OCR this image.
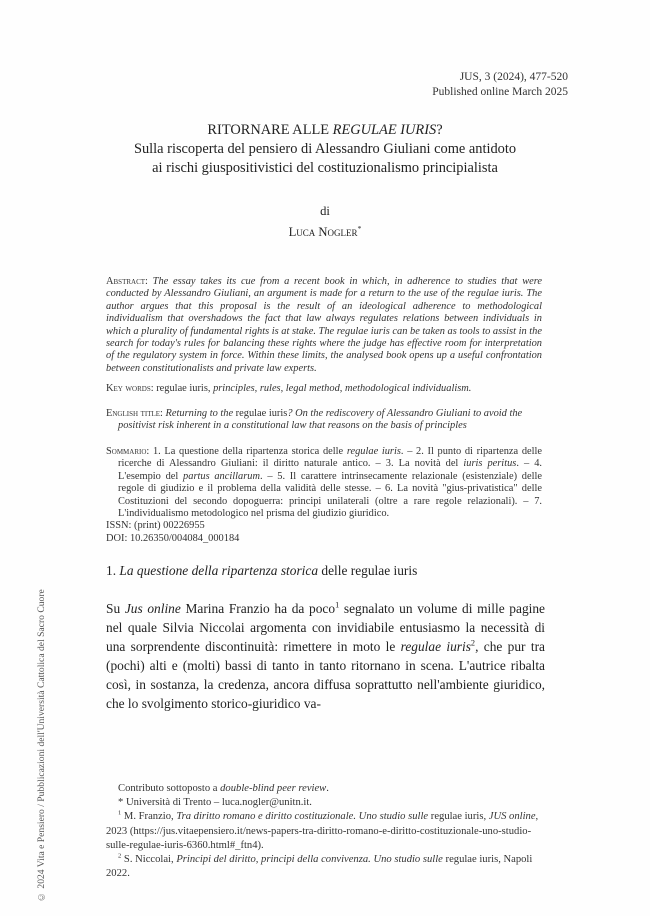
JUS, 3 (2024), 477-520
Published online March 2025
RITORNARE ALLE REGULAE IURIS?
Sulla riscoperta del pensiero di Alessandro Giuliani come antidoto
ai rischi giuspositivistici del costituzionalismo principialista
di
Luca Nogler*
Abstract: The essay takes its cue from a recent book in which, in adherence to studies that were conducted by Alessandro Giuliani, an argument is made for a return to the use of the regulae iuris. The author argues that this proposal is the result of an ideological adherence to methodological individualism that overshadows the fact that law always regulates relations between individuals in which a plurality of fundamental rights is at stake. The regulae iuris can be taken as tools to assist in the search for today's rules for balancing these rights where the judge has effective room for interpretation of the regulatory system in force. Within these limits, the analysed book opens up a useful confrontation between constitutionalists and private law experts.
Key words: regulae iuris, principles, rules, legal method, methodological individualism.
English title: Returning to the regulae iuris? On the rediscovery of Alessandro Giuliani to avoid the positivist risk inherent in a constitutional law that reasons on the basis of principles
Sommario: 1. La questione della ripartenza storica delle regulae iuris. – 2. Il punto di ripartenza delle ricerche di Alessandro Giuliani: il diritto naturale antico. – 3. La novità del iuris peritus. – 4. L'esempio del partus ancillarum. – 5. Il carattere intrinsecamente relazionale (esistenziale) delle regole di giudizio e il problema della validità delle stesse. – 6. La novità "gius-privatistica" delle Costituzioni del secondo dopoguerra: principi unilaterali (oltre a rare regole relazionali). – 7. L'individualismo metodologico nel prisma del giudizio giuridico.
ISSN: (print) 00226955
DOI: 10.26350/004084_000184
1. La questione della ripartenza storica delle regulae iuris
Su Jus online Marina Franzio ha da poco$^1$ segnalato un volume di mille pagine nel quale Silvia Niccolai argomenta con invidiabile entusiasmo la necessità di una sorprendente discontinuità: rimettere in moto le regulae iuris$^2$, che pur tra (pochi) alti e (molti) bassi di tanto in tanto ritornano in scena. L'autrice ribalta così, in sostanza, la credenza, ancora diffusa soprattutto nell'ambiente giuridico, che lo svolgimento storico-giuridico va-

Contributo sottoposto a double-blind peer review.

* Università di Trento – luca.nogler@unitn.it.

$^1$ M. Franzio, Tra diritto romano e diritto costituzionale. Uno studio sulle regulae iuris, JUS online, 2023 (https://jus.vitaepensiero.it/news-papers-tra-diritto-romano-e-diritto-costituzionale-uno-studio-sulle-regulae-iuris-6360.html#_ftn4).

$^2$ S. Niccolai, Principi del diritto, principi della convivenza. Uno studio sulle regulae iuris, Napoli 2022.

© 2024 Vita e Pensiero / Pubblicazioni dell'Università Cattolica del Sacro Cuore
